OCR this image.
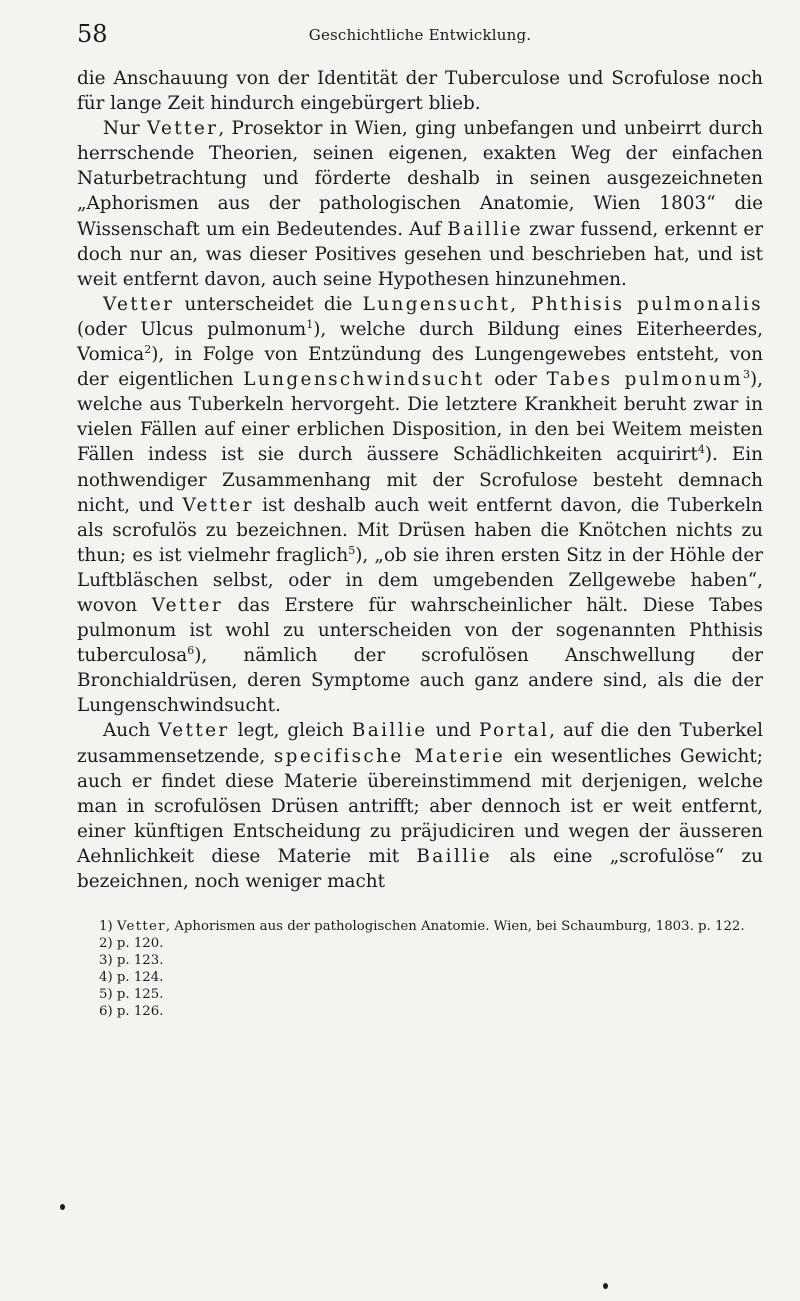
58	Geschichtliche Entwicklung.

die Anschauung von der Identität der Tuberculose und Scrofulose noch für lange Zeit hindurch eingebürgert blieb.

Nur Vetter, Prosektor in Wien, ging unbefangen und unbeirrt durch herrschende Theorien, seinen eigenen, exakten Weg der einfachen Naturbetrachtung und förderte deshalb in seinen ausgezeichneten „Aphorismen aus der pathologischen Anatomie, Wien 1803“ die Wissenschaft um ein Bedeutendes. Auf Baillie zwar fussend, erkennt er doch nur an, was dieser Positives gesehen und beschrieben hat, und ist weit entfernt davon, auch seine Hypothesen hinzunehmen.

Vetter unterscheidet die Lungensucht, Phthisis pulmonalis (oder Ulcus pulmonum$^1$), welche durch Bildung eines Eiterheerdes, Vomica$^2$), in Folge von Entzündung des Lungengewebes entsteht, von der eigentlichen Lungenschwindsucht oder Tabes pulmonum$^3$), welche aus Tuberkeln hervorgeht. Die letztere Krankheit beruht zwar in vielen Fällen auf einer erblichen Disposition, in den bei Weitem meisten Fällen indess ist sie durch äussere Schädlichkeiten acquirirt$^4$). Ein nothwendiger Zusammenhang mit der Scrofulose besteht demnach nicht, und Vetter ist deshalb auch weit entfernt davon, die Tuberkeln als scrofulös zu bezeichnen. Mit Drüsen haben die Knötchen nichts zu thun; es ist vielmehr fraglich$^5$), „ob sie ihren ersten Sitz in der Höhle der Luftbläschen selbst, oder in dem umgebenden Zellgewebe haben“, wovon Vetter das Erstere für wahrscheinlicher hält. Diese Tabes pulmonum ist wohl zu unterscheiden von der sogenannten Phthisis tuberculosa$^6$), nämlich der scrofulösen Anschwellung der Bronchialdrüsen, deren Symptome auch ganz andere sind, als die der Lungenschwindsucht.

Auch Vetter legt, gleich Baillie und Portal, auf die den Tuberkel zusammensetzende, specifische Materie ein wesentliches Gewicht; auch er findet diese Materie übereinstimmend mit derjenigen, welche man in scrofulösen Drüsen antrifft; aber dennoch ist er weit entfernt, einer künftigen Entscheidung zu präjudiciren und wegen der äusseren Aehnlichkeit diese Materie mit Baillie als eine „scrofulöse“ zu bezeichnen, noch weniger macht

1) Vetter, Aphorismen aus der pathologischen Anatomie. Wien, bei Schaumburg, 1803. p. 122.
2) p. 120.
3) p. 123.
4) p. 124.
5) p. 125.
6) p. 126.
